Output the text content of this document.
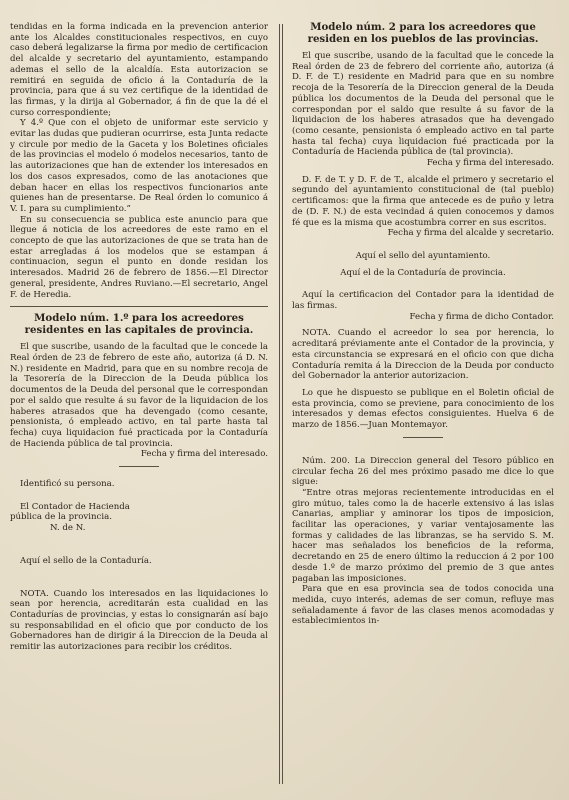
tendidas en la forma indicada en la prevencion anterior ante los Alcaldes constitucionales respectivos, en cuyo caso deberá legalizarse la firma por medio de certificacion del alcalde y secretario del ayuntamiento, estampando ademas el sello de la alcaldía. Esta autorizacion se remitirá en seguida de oficio á la Contaduría de la provincia, para que á su vez certifique de la identidad de las firmas, y la dirija al Gobernador, á fin de que la dé el curso correspondiente;

Y 4.º Que con el objeto de uniformar este servicio y evitar las dudas que pudieran ocurrirse, esta Junta redacte y circule por medio de la Gaceta y los Boletines oficiales de las provincias el modelo ó modelos necesarios, tanto de las autorizaciones que han de extender los interesados en los dos casos expresados, como de las anotaciones que deban hacer en ellas los respectivos funcionarios ante quienes han de presentarse. De Real órden lo comunico á V. I. para su cumplimiento.”

En su consecuencia se publica este anuncio para que llegue á noticia de los acreedores de este ramo en el concepto de que las autorizaciones de que se trata han de estar arregladas á los modelos que se estampan á continuacion, segun el punto en donde residan los interesados. Madrid 26 de febrero de 1856.—El Director general, presidente, Andres Ruviano.—El secretario, Angel F. de Heredia.

Modelo núm. 1.º para los acreedores residentes en las capitales de provincia.

El que suscribe, usando de la facultad que le concede la Real órden de 23 de febrero de este año, autoriza (á D. N. N.) residente en Madrid, para que en su nombre recoja de la Tesorería de la Direccion de la Deuda pública los documentos de la Deuda del personal que le correspondan por el saldo que resulte á su favor de la liquidacion de los haberes atrasados que ha devengado (como cesante, pensionista, ó empleado activo, en tal parte hasta tal fecha) cuya liquidacion fué practicada por la Contaduría de Hacienda pública de tal provincia.

Fecha y firma del interesado.

Identificó su persona.

El Contador de Hacienda pública de la provincia.

N. de N.

Aquí el sello de la Contaduría.

NOTA. Cuando los interesados en las liquidaciones lo sean por herencia, acreditarán esta cualidad en las Contadurías de provincias, y estas lo consignarán así bajo su responsabilidad en el oficio que por conducto de los Gobernadores han de dirigir á la Direccion de la Deuda al remitir las autorizaciones para recibir los créditos.

Modelo núm. 2 para los acreedores que residen en los pueblos de las provincias.

El que suscribe, usando de la facultad que le concede la Real órden de 23 de febrero del corriente año, autoriza (á D. F. de T.) residente en Madrid para que en su nombre recoja de la Tesorería de la Direccion general de la Deuda pública los documentos de la Deuda del personal que le correspondan por el saldo que resulte á su favor de la liquidacion de los haberes atrasados que ha devengado (como cesante, pensionista ó empleado activo en tal parte hasta tal fecha) cuya liquidacion fué practicada por la Contaduría de Hacienda pública de (tal provincia).

Fecha y firma del interesado.

D. F. de T. y D. F. de T., alcalde el primero y secretario el segundo del ayuntamiento constitucional de (tal pueblo) certificamos: que la firma que antecede es de puño y letra de (D. F. N.) de esta vecindad á quien conocemos y damos fé que es la misma que acostumbra correr en sus escritos.

Fecha y firma del alcalde y secretario.

Aquí el sello del ayuntamiento.

Aquí el de la Contaduría de provincia.

Aquí la certificacion del Contador para la identidad de las firmas.

Fecha y firma de dicho Contador.

NOTA. Cuando el acreedor lo sea por herencia, lo acreditará préviamente ante el Contador de la provincia, y esta circunstancia se expresará en el oficio con que dicha Contaduría remita á la Direccion de la Deuda por conducto del Gobernador la anterior autorizacion.

Lo que he dispuesto se publique en el Boletin oficial de esta provincia, como se previene, para conocimiento de los interesados y demas efectos consiguientes. Huelva 6 de marzo de 1856.—Juan Montemayor.

Núm. 200. La Direccion general del Tesoro público en circular fecha 26 del mes próximo pasado me dice lo que sigue:

“Entre otras mejoras recientemente introducidas en el giro mútuo, tales como la de hacerle extensivo á las islas Canarias, ampliar y aminorar los tipos de imposicion, facilitar las operaciones, y variar ventajosamente las formas y calidades de las libranzas, se ha servido S. M. hacer mas señalados los beneficios de la reforma, decretando en 25 de enero último la reduccion á 2 por 100 desde 1.º de marzo próximo del premio de 3 que antes pagaban las imposiciones.

Para que en esa provincia sea de todos conocida una medida, cuyo interés, ademas de ser comun, refluye mas señaladamente á favor de las clases menos acomodadas y establecimientos in-
